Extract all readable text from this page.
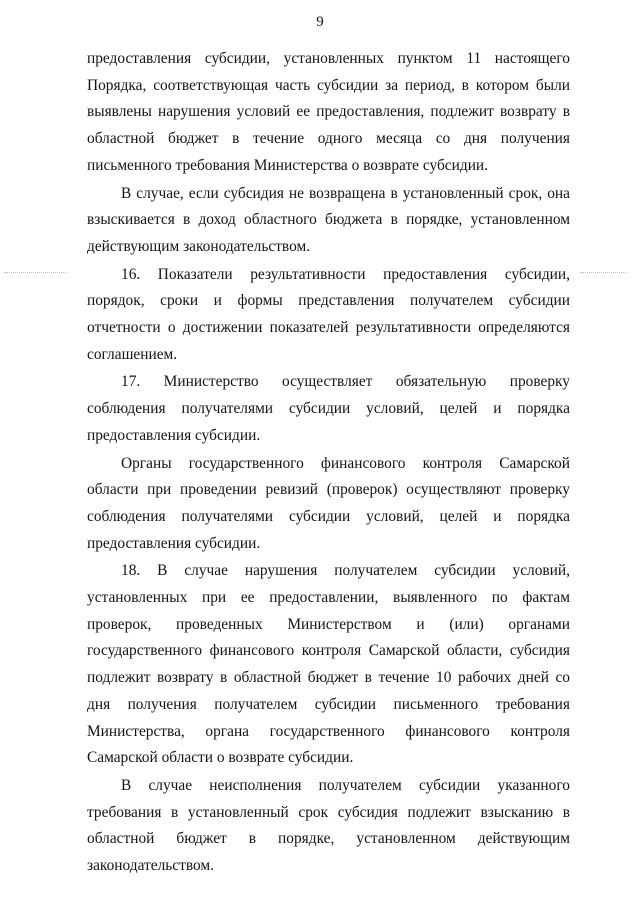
9

предоставления субсидии, установленных пунктом 11 настоящего Порядка, соответствующая часть субсидии за период, в котором были выявлены нарушения условий ее предоставления, подлежит возврату в областной бюджет в течение одного месяца со дня получения письменного требования Министерства о возврате субсидии.

В случае, если субсидия не возвращена в установленный срок, она взыскивается в доход областного бюджета в порядке, установленном действующим законодательством.

16. Показатели результативности предоставления субсидии, порядок, сроки и формы представления получателем субсидии отчетности о достижении показателей результативности определяются соглашением.

17. Министерство осуществляет обязательную проверку соблюдения получателями субсидии условий, целей и порядка предоставления субсидии.

Органы государственного финансового контроля Самарской области при проведении ревизий (проверок) осуществляют проверку соблюдения получателями субсидии условий, целей и порядка предоставления субсидии.

18. В случае нарушения получателем субсидии условий, установленных при ее предоставлении, выявленного по фактам проверок, проведенных Министерством и (или) органами государственного финансового контроля Самарской области, субсидия подлежит возврату в областной бюджет в течение 10 рабочих дней со дня получения получателем субсидии письменного требования Министерства, органа государственного финансового контроля Самарской области о возврате субсидии.

В случае неисполнения получателем субсидии указанного требования в установленный срок субсидия подлежит взысканию в областной бюджет в порядке, установленном действующим законодательством.
